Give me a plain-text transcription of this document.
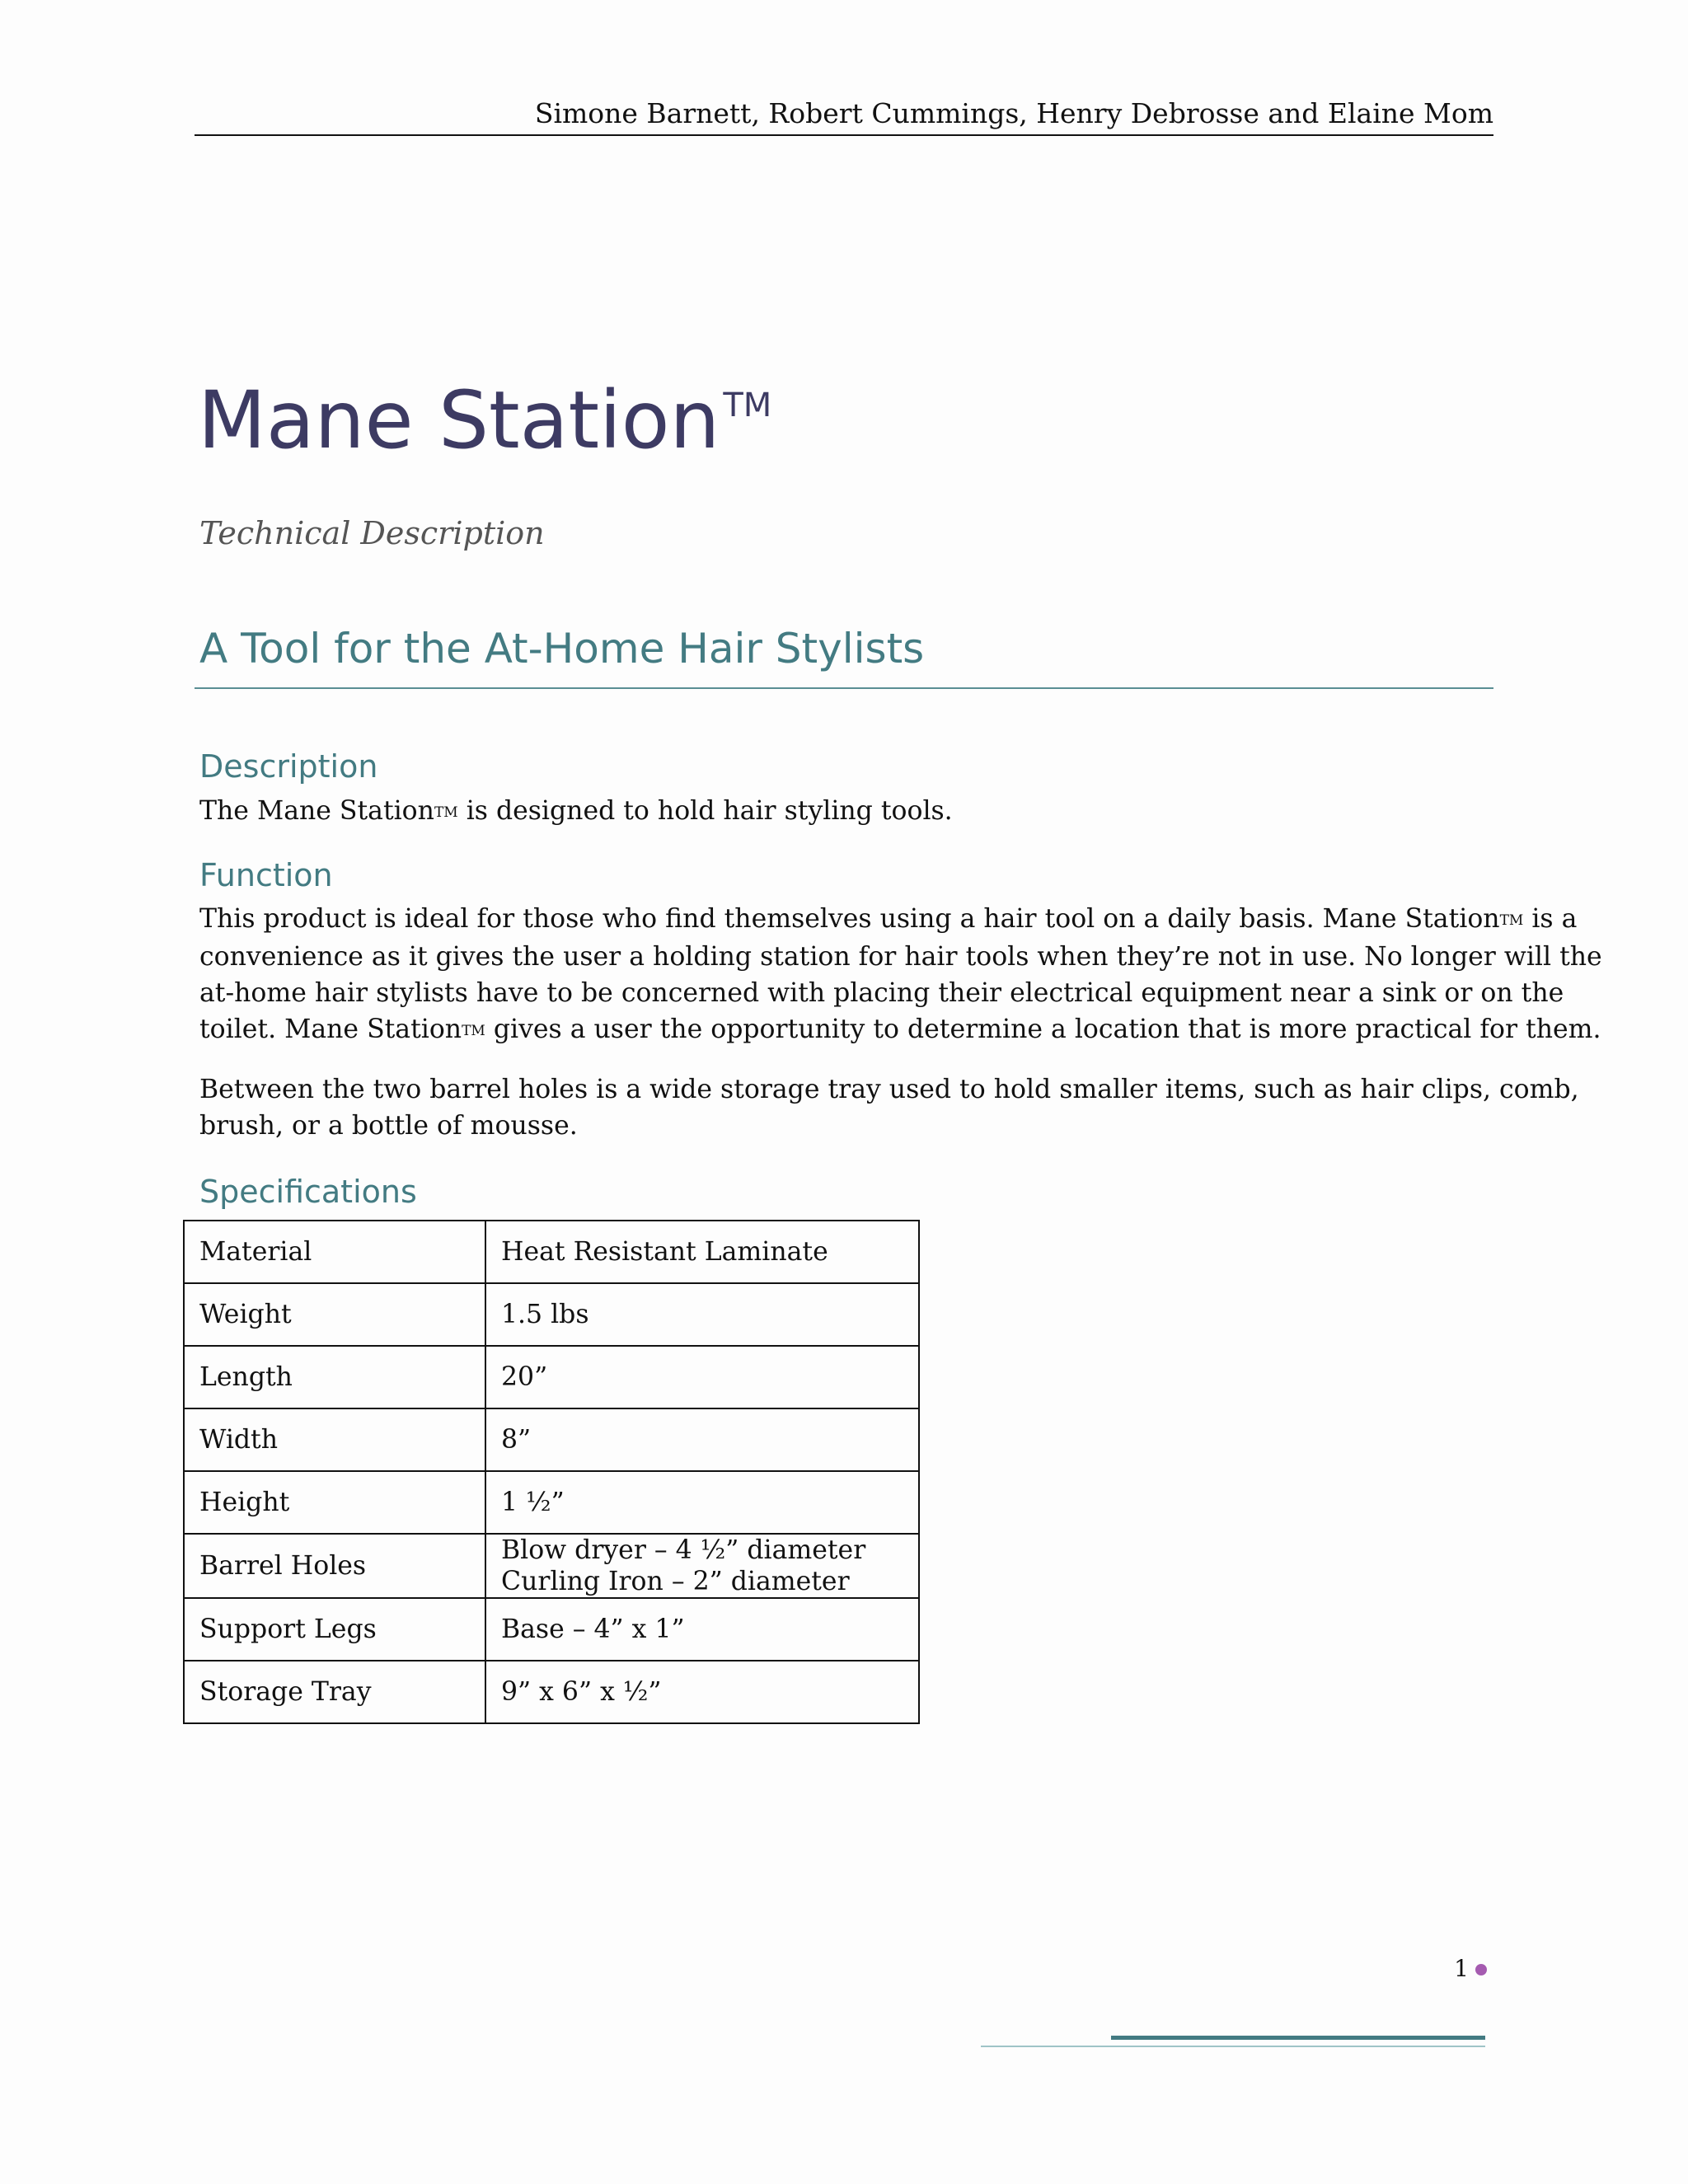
Simone Barnett, Robert Cummings, Henry Debrosse and Elaine Mom
Mane Station ™
Technical Description
A Tool for the At-Home Hair Stylists
Description
The Mane StationTM is designed to hold hair styling tools.
Function
This product is ideal for those who find themselves using a hair tool on a daily basis. Mane StationTM is a
convenience as it gives the user a holding station for hair tools when they’re not in use. No longer will the
at-home hair stylists have to be concerned with placing their electrical equipment near a sink or on the
toilet. Mane StationTM gives a user the opportunity to determine a location that is more practical for them.
Between the two barrel holes is a wide storage tray used to hold smaller items, such as hair clips, comb,
brush, or a bottle of mousse.
Specifications
Material	Heat Resistant Laminate
Weight	1.5 lbs
Length	20”
Width	8”
Height	1 ½”
Barrel Holes	Blow dryer – 4 ½” diameter
Curling Iron – 2” diameter

Support Legs	Base – 4” x 1”
Storage Tray	9” x 6” x ½”
1
